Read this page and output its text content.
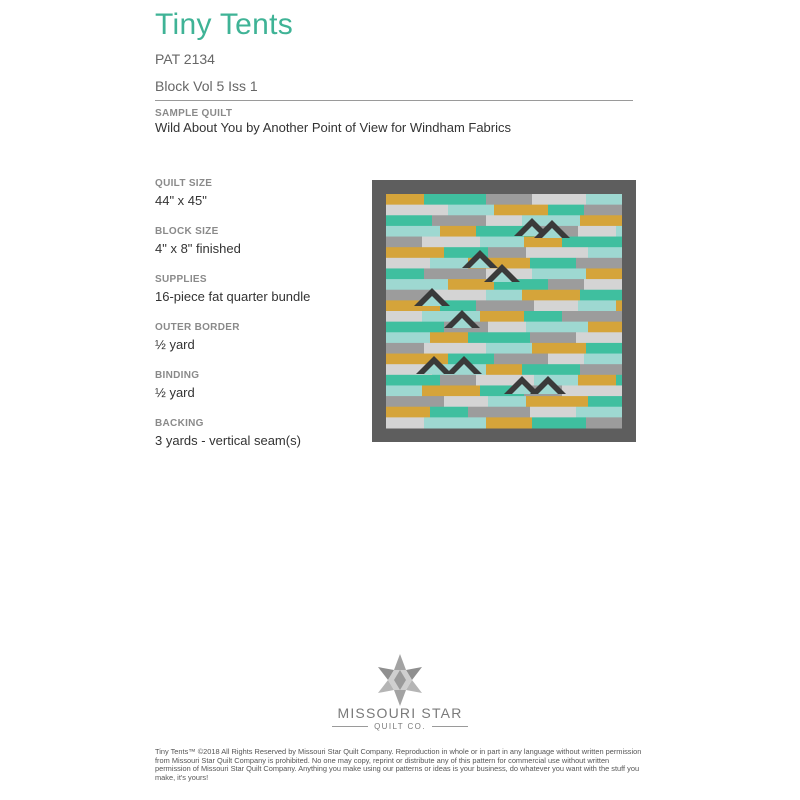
Tiny Tents
PAT 2134
Block Vol 5 Iss 1
SAMPLE QUILT
Wild About You by Another Point of View for Windham Fabrics
QUILT SIZE
44" x 45"
BLOCK SIZE
4" x 8" finished
SUPPLIES
16-piece fat quarter bundle
OUTER BORDER
½ yard
BINDING
½ yard
BACKING
3 yards - vertical seam(s)
MISSOURI STAR
QUILT CO.
Tiny Tents™ ©2018 All Rights Reserved by Missouri Star Quilt Company. Reproduction in whole or in part in any language without written permission from Missouri Star Quilt Company is prohibited. No one may copy, reprint or distribute any of this pattern for commercial use without written permission of Missouri Star Quilt Company. Anything you make using our patterns or ideas is your business, do whatever you want with the stuff you make, it's yours!
